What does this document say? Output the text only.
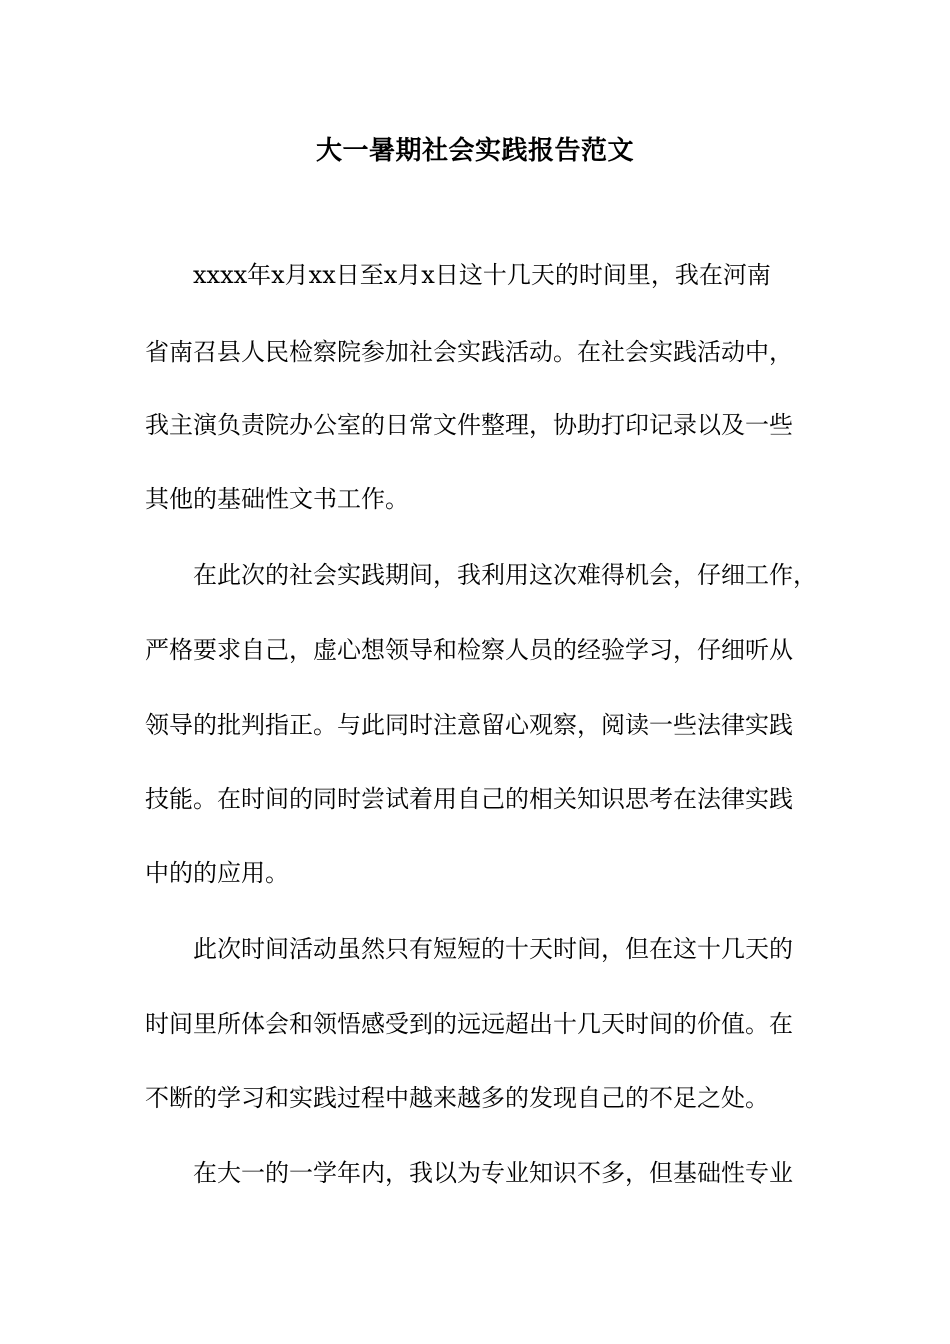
大一暑期社会实践报告范文
xxxx年x月xx日至x月x日这十几天的时间里，我在河南
省南召县人民检察院参加社会实践活动。在社会实践活动中，
我主演负责院办公室的日常文件整理，协助打印记录以及一些
其他的基础性文书工作。
在此次的社会实践期间，我利用这次难得机会，仔细工作，
严格要求自己，虚心想领导和检察人员的经验学习，仔细听从
领导的批判指正。与此同时注意留心观察，阅读一些法律实践
技能。在时间的同时尝试着用自己的相关知识思考在法律实践
中的的应用。
此次时间活动虽然只有短短的十天时间，但在这十几天的
时间里所体会和领悟感受到的远远超出十几天时间的价值。在
不断的学习和实践过程中越来越多的发现自己的不足之处。
在大一的一学年内，我以为专业知识不多，但基础性专业
